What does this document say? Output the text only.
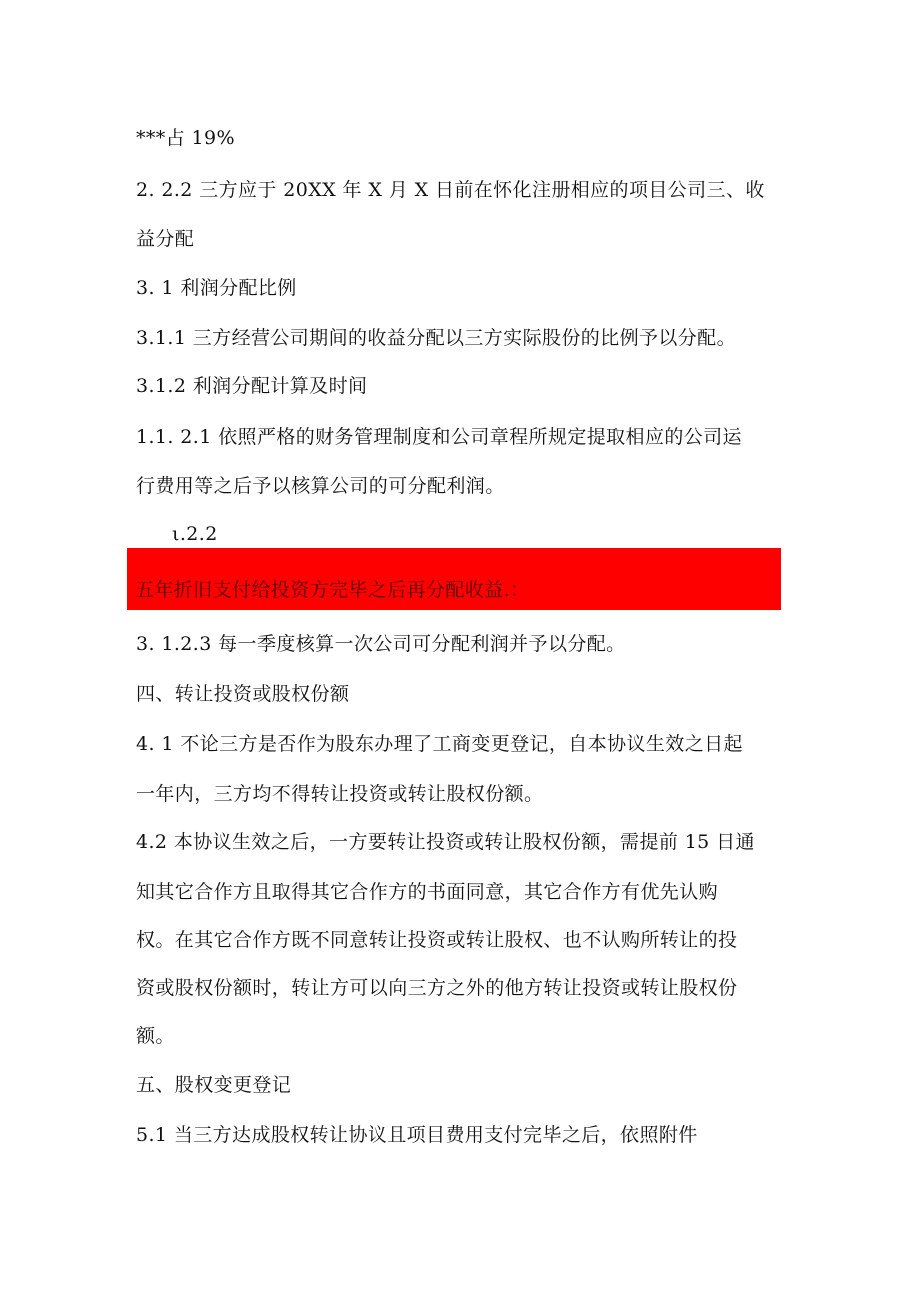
***占 19%
2. 2.2 三方应于 20XX 年 X 月 X 日前在怀化注册相应的项目公司三、收
益分配
3. 1 利润分配比例
3.1.1 三方经营公司期间的收益分配以三方实际股份的比例予以分配。
3.1.2 利润分配计算及时间
1.1. 2.1 依照严格的财务管理制度和公司章程所规定提取相应的公司运
行费用等之后予以核算公司的可分配利润。
ι.2.2
五年折旧支付给投资方完毕之后再分配收益.：
3. 1.2.3 每一季度核算一次公司可分配利润并予以分配。
四、转让投资或股权份额
4. 1 不论三方是否作为股东办理了工商变更登记，自本协议生效之日起
一年内，三方均不得转让投资或转让股权份额。
4.2 本协议生效之后，一方要转让投资或转让股权份额，需提前 15 日通
知其它合作方且取得其它合作方的书面同意，其它合作方有优先认购
权。在其它合作方既不同意转让投资或转让股权、也不认购所转让的投
资或股权份额时，转让方可以向三方之外的他方转让投资或转让股权份
额。
五、股权变更登记
5.1 当三方达成股权转让协议且项目费用支付完毕之后，依照附件
